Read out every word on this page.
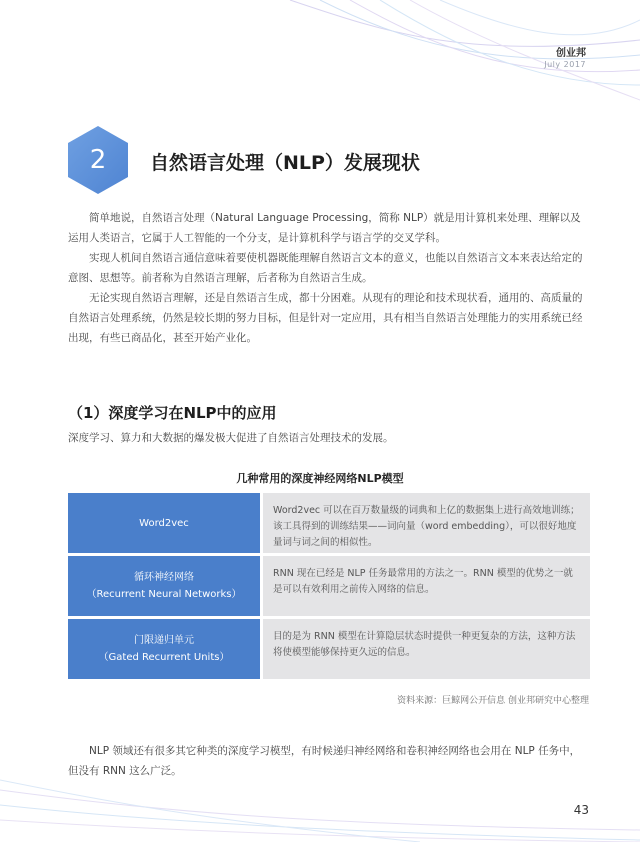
创业邦
July 2017
2	自然语言处理（NLP）发展现状
简单地说，自然语言处理（Natural Language Processing，简称 NLP）就是用计算机来处理、理解以及运用人类语言，它属于人工智能的一个分支，是计算机科学与语言学的交叉学科。
实现人机间自然语言通信意味着要使机器既能理解自然语言文本的意义，也能以自然语言文本来表达给定的意图、思想等。前者称为自然语言理解，后者称为自然语言生成。
无论实现自然语言理解，还是自然语言生成，都十分困难。从现有的理论和技术现状看，通用的、高质量的自然语言处理系统，仍然是较长期的努力目标，但是针对一定应用，具有相当自然语言处理能力的实用系统已经出现，有些已商品化，甚至开始产业化。
（1）深度学习在NLP中的应用
深度学习、算力和大数据的爆发极大促进了自然语言处理技术的发展。
几种常用的深度神经网络NLP模型
Word2vec
Word2vec 可以在百万数量级的词典和上亿的数据集上进行高效地训练；该工具得到的训练结果——词向量（word embedding），可以很好地度量词与词之间的相似性。
循环神经网络
（Recurrent Neural Networks）
RNN 现在已经是 NLP 任务最常用的方法之一。RNN 模型的优势之一就是可以有效利用之前传入网络的信息。
门限递归单元
（Gated Recurrent Units）
目的是为 RNN 模型在计算隐层状态时提供一种更复杂的方法，这种方法将使模型能够保持更久远的信息。
资料来源：巨鲸网公开信息 创业邦研究中心整理
NLP 领域还有很多其它种类的深度学习模型，有时候递归神经网络和卷积神经网络也会用在 NLP 任务中，但没有 RNN 这么广泛。
43
